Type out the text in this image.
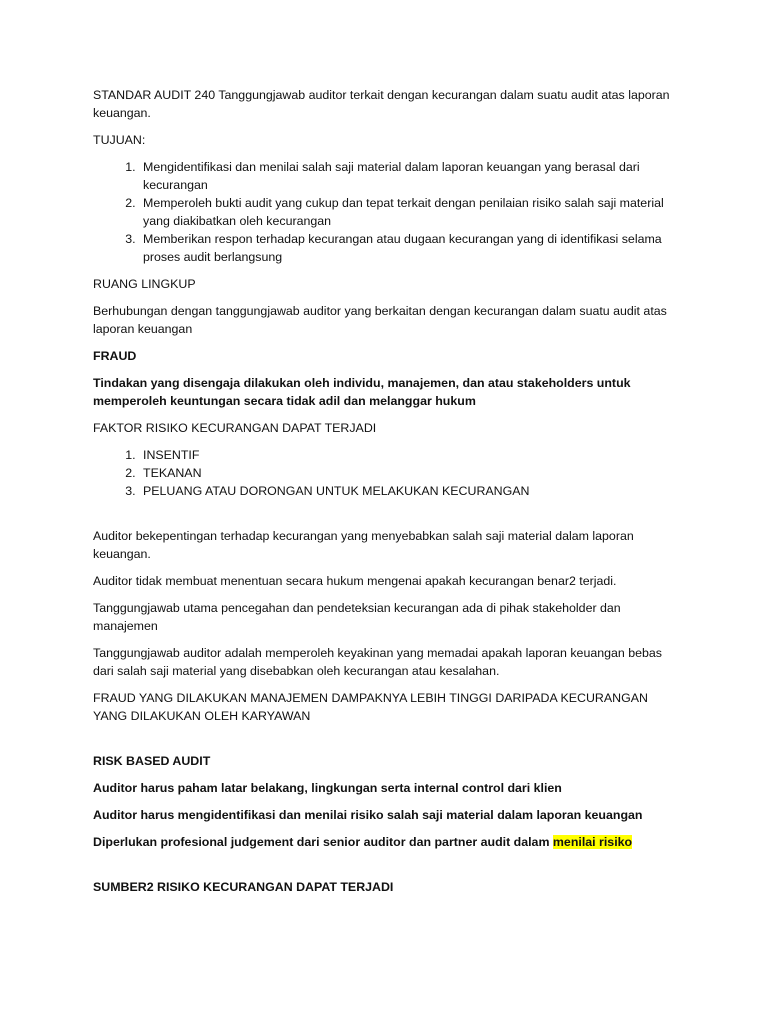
STANDAR AUDIT 240 Tanggungjawab auditor terkait dengan kecurangan dalam suatu audit atas laporan keuangan.

TUJUAN:

1. Mengidentifikasi dan menilai salah saji material dalam laporan keuangan yang berasal dari kecurangan
2. Memperoleh bukti audit yang cukup dan tepat terkait dengan penilaian risiko salah saji material yang diakibatkan oleh kecurangan
3. Memberikan respon terhadap kecurangan atau dugaan kecurangan yang di identifikasi selama proses audit berlangsung

RUANG LINGKUP

Berhubungan dengan tanggungjawab auditor yang berkaitan dengan kecurangan dalam suatu audit atas laporan keuangan

FRAUD

Tindakan yang disengaja dilakukan oleh individu, manajemen, dan atau stakeholders untuk memperoleh keuntungan secara tidak adil dan melanggar hukum

FAKTOR RISIKO KECURANGAN DAPAT TERJADI

1. INSENTIF
2. TEKANAN
3. PELUANG ATAU DORONGAN UNTUK MELAKUKAN KECURANGAN

Auditor bekepentingan terhadap kecurangan yang menyebabkan salah saji material dalam laporan keuangan.

Auditor tidak membuat menentuan secara hukum mengenai apakah kecurangan benar2 terjadi.

Tanggungjawab utama pencegahan dan pendeteksian kecurangan ada di pihak stakeholder dan manajemen

Tanggungjawab auditor adalah memperoleh keyakinan yang memadai apakah laporan keuangan bebas dari salah saji material yang disebabkan oleh kecurangan atau kesalahan.

FRAUD YANG DILAKUKAN MANAJEMEN DAMPAKNYA LEBIH TINGGI DARIPADA KECURANGAN YANG DILAKUKAN OLEH KARYAWAN

RISK BASED AUDIT

Auditor harus paham latar belakang, lingkungan serta internal control dari klien

Auditor harus mengidentifikasi dan menilai risiko salah saji material dalam laporan keuangan

Diperlukan profesional judgement dari senior auditor dan partner audit dalam menilai risiko

SUMBER2 RISIKO KECURANGAN DAPAT TERJADI
